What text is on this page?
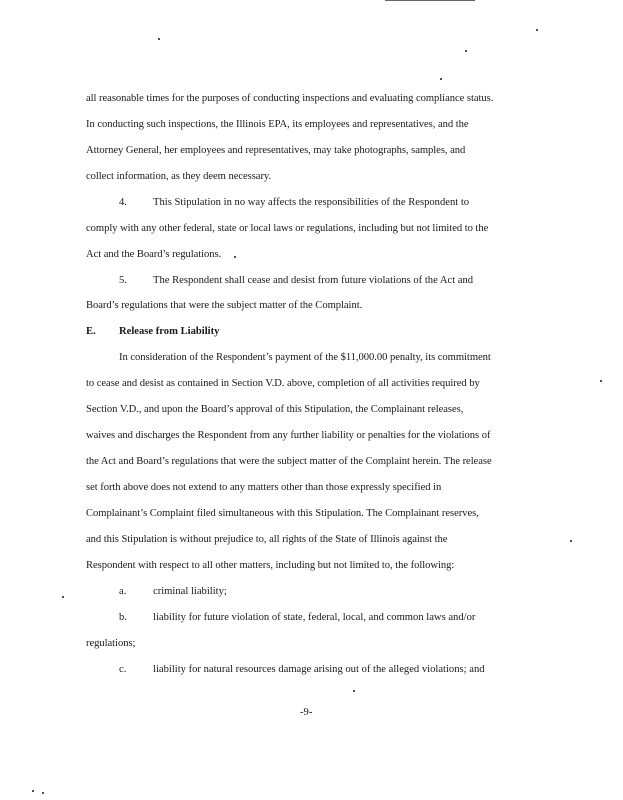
all reasonable times for the purposes of conducting inspections and evaluating compliance status.
In conducting such inspections, the Illinois EPA, its employees and representatives, and the
Attorney General, her employees and representatives, may take photographs, samples, and
collect information, as they deem necessary.
4. This Stipulation in no way affects the responsibilities of the Respondent to
comply with any other federal, state or local laws or regulations, including but not limited to the
Act and the Board’s regulations.
5. The Respondent shall cease and desist from future violations of the Act and
Board’s regulations that were the subject matter of the Complaint.
E. Release from Liability
In consideration of the Respondent’s payment of the $11,000.00 penalty, its commitment
to cease and desist as contained in Section V.D. above, completion of all activities required by
Section V.D., and upon the Board’s approval of this Stipulation, the Complainant releases,
waives and discharges the Respondent from any further liability or penalties for the violations of
the Act and Board’s regulations that were the subject matter of the Complaint herein. The release
set forth above does not extend to any matters other than those expressly specified in
Complainant’s Complaint filed simultaneous with this Stipulation. The Complainant reserves,
and this Stipulation is without prejudice to, all rights of the State of Illinois against the
Respondent with respect to all other matters, including but not limited to, the following:
a.	criminal liability;
b. liability for future violation of state, federal, local, and common laws and/or
regulations;
c.	liability for natural resources damage arising out of the alleged violations; and
-9-
